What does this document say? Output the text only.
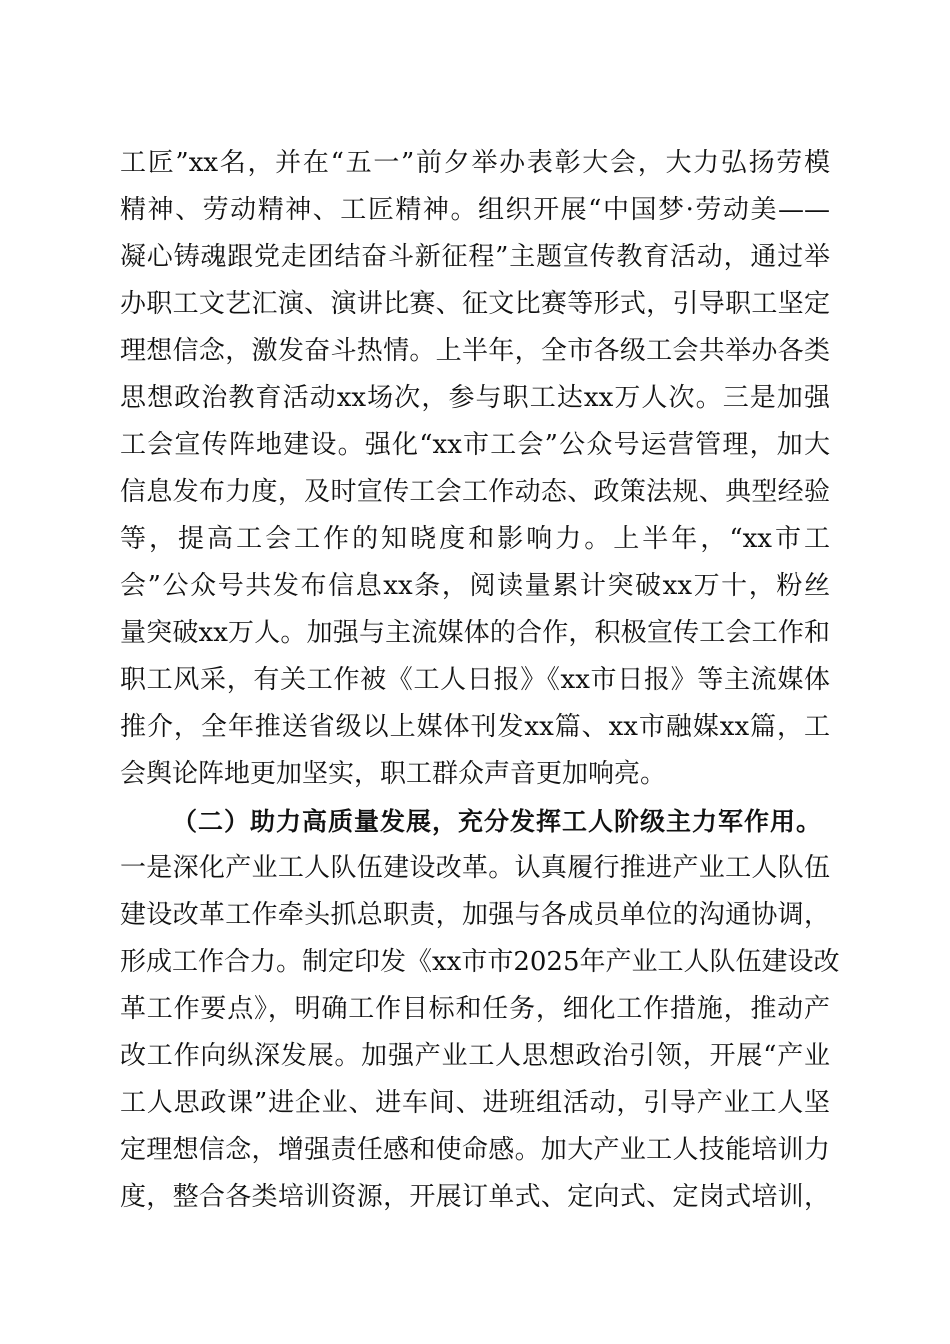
工匠”xx名，并在“五一”前夕举办表彰大会，大力弘扬劳模
精神、劳动精神、工匠精神。组织开展“中国梦·劳动美——
凝心铸魂跟党走团结奋斗新征程”主题宣传教育活动，通过举
办职工文艺汇演、演讲比赛、征文比赛等形式，引导职工坚定
理想信念，激发奋斗热情。上半年，全市各级工会共举办各类
思想政治教育活动xx场次，参与职工达xx万人次。三是加强
工会宣传阵地建设。强化“xx市工会”公众号运营管理，加大
信息发布力度，及时宣传工会工作动态、政策法规、典型经验
等，提高工会工作的知晓度和影响力。上半年，“xx市工
会”公众号共发布信息xx条，阅读量累计突破xx万十，粉丝
量突破xx万人。加强与主流媒体的合作，积极宣传工会工作和
职工风采，有关工作被《工人日报》《xx市日报》等主流媒体
推介，全年推送省级以上媒体刊发xx篇、xx市融媒xx篇，工
会舆论阵地更加坚实，职工群众声音更加响亮。
（二）助力高质量发展，充分发挥工人阶级主力军作用。
一是深化产业工人队伍建设改革。认真履行推进产业工人队伍
建设改革工作牵头抓总职责，加强与各成员单位的沟通协调，
形成工作合力。制定印发《xx市市2025年产业工人队伍建设改
革工作要点》，明确工作目标和任务，细化工作措施，推动产
改工作向纵深发展。加强产业工人思想政治引领，开展“产业
工人思政课”进企业、进车间、进班组活动，引导产业工人坚
定理想信念，增强责任感和使命感。加大产业工人技能培训力
度，整合各类培训资源，开展订单式、定向式、定岗式培训，
